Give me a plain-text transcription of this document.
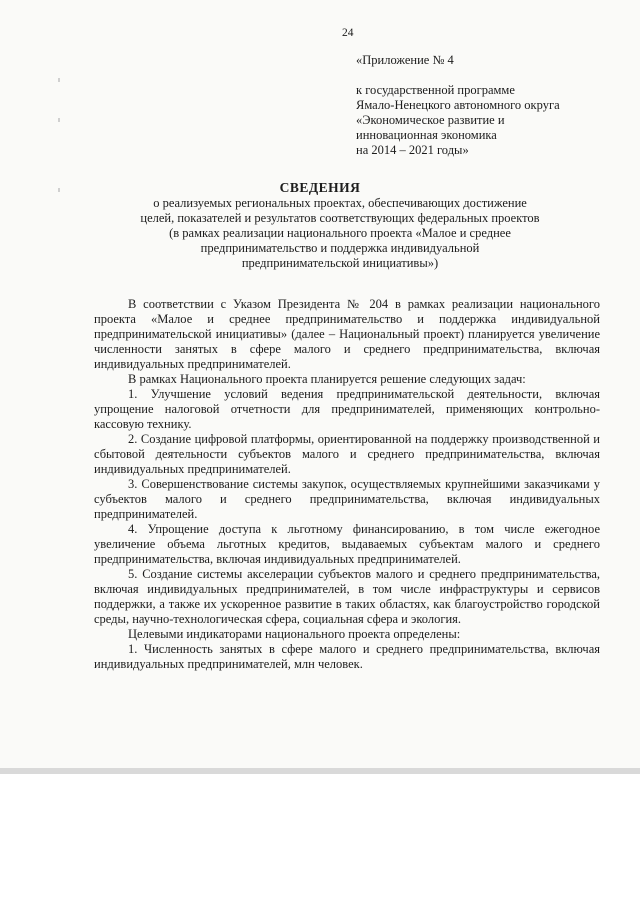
24
«Приложение № 4
к государственной программе
Ямало-Ненецкого автономного округа
«Экономическое развитие и
инновационная экономика
на 2014 – 2021 годы»
СВЕДЕНИЯ
о реализуемых региональных проектах, обеспечивающих достижение
целей, показателей и результатов соответствующих федеральных проектов
(в рамках реализации национального проекта «Малое и среднее
предпринимательство и поддержка индивидуальной
предпринимательской инициативы»)

В соответствии с Указом Президента № 204 в рамках реализации национального проекта «Малое и среднее предпринимательство и поддержка индивидуальной предпринимательской инициативы» (далее – Национальный проект) планируется увеличение численности занятых в сфере малого и среднего предпринимательства, включая индивидуальных предпринимателей.

В рамках Национального проекта планируется решение следующих задач:

1. Улучшение условий ведения предпринимательской деятельности, включая упрощение налоговой отчетности для предпринимателей, применяющих контрольно-кассовую технику.

2. Создание цифровой платформы, ориентированной на поддержку производственной и сбытовой деятельности субъектов малого и среднего предпринимательства, включая индивидуальных предпринимателей.

3. Совершенствование системы закупок, осуществляемых крупнейшими заказчиками у субъектов малого и среднего предпринимательства, включая индивидуальных предпринимателей.

4. Упрощение доступа к льготному финансированию, в том числе ежегодное увеличение объема льготных кредитов, выдаваемых субъектам малого и среднего предпринимательства, включая индивидуальных предпринимателей.

5. Создание системы акселерации субъектов малого и среднего предпринимательства, включая индивидуальных предпринимателей, в том числе инфраструктуры и сервисов поддержки, а также их ускоренное развитие в таких областях, как благоустройство городской среды, научно-технологическая сфера, социальная сфера и экология.

Целевыми индикаторами национального проекта определены:

1. Численность занятых в сфере малого и среднего предпринимательства, включая индивидуальных предпринимателей, млн человек.
